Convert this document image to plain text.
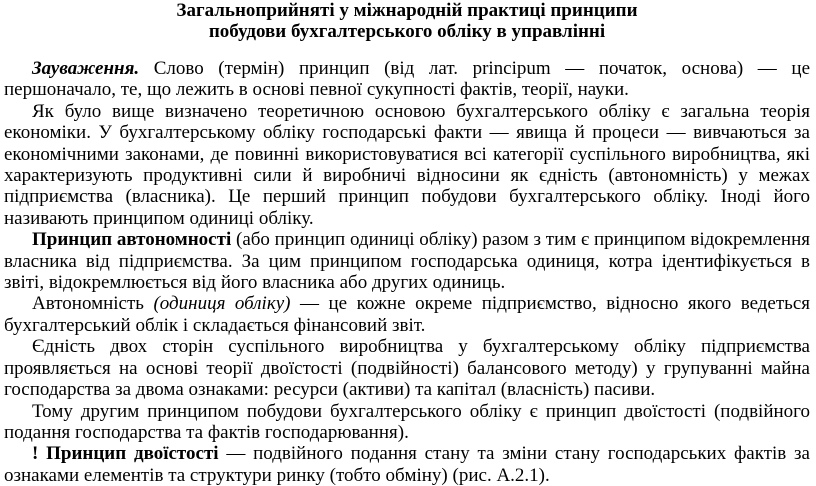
Загальноприйняті у міжнародній практиці принципи
побудови бухгалтерського обліку в управлінні

Зауваження. Слово (термін) принцип (від лат. principum — початок, основа) — це першоначало, те, що лежить в основі певної сукупності фактів, теорії, науки.

Як було вище визначено теоретичною основою бухгалтерського обліку є загальна теорія економіки. У бухгалтерському обліку господарські факти — явища й процеси — вивчаються за економічними законами, де повинні використовуватися всі категорії суспільного виробництва, які характеризують продуктивні сили й виробничі відносини як єдність (автономність) у межах підприємства (власника). Це перший принцип побудови бухгалтерського обліку. Іноді його називають принципом одиниці обліку.

Принцип автономності (або принцип одиниці обліку) разом з тим є принципом відокремлення власника від підприємства. За цим принципом господарська одиниця, котра ідентифікується в звіті, відокремлюється від його власника або других одиниць.

Автономність (одиниця обліку) — це кожне окреме підприємство, відносно якого ведеться бухгалтерський облік і складається фінансовий звіт.

Єдність двох сторін суспільного виробництва у бухгалтерському обліку підприємства проявляється на основі теорії двоїстості (подвійності) балансового методу) у групуванні майна господарства за двома ознаками: ресурси (активи) та капітал (власність) пасиви.

Тому другим принципом побудови бухгалтерського обліку є принцип двоїстості (подвійного подання господарства та фактів господарювання).

! Принцип двоїстості — подвійного подання стану та зміни стану господарських фактів за ознаками елементів та структури ринку (тобто обміну) (рис. А.2.1).
